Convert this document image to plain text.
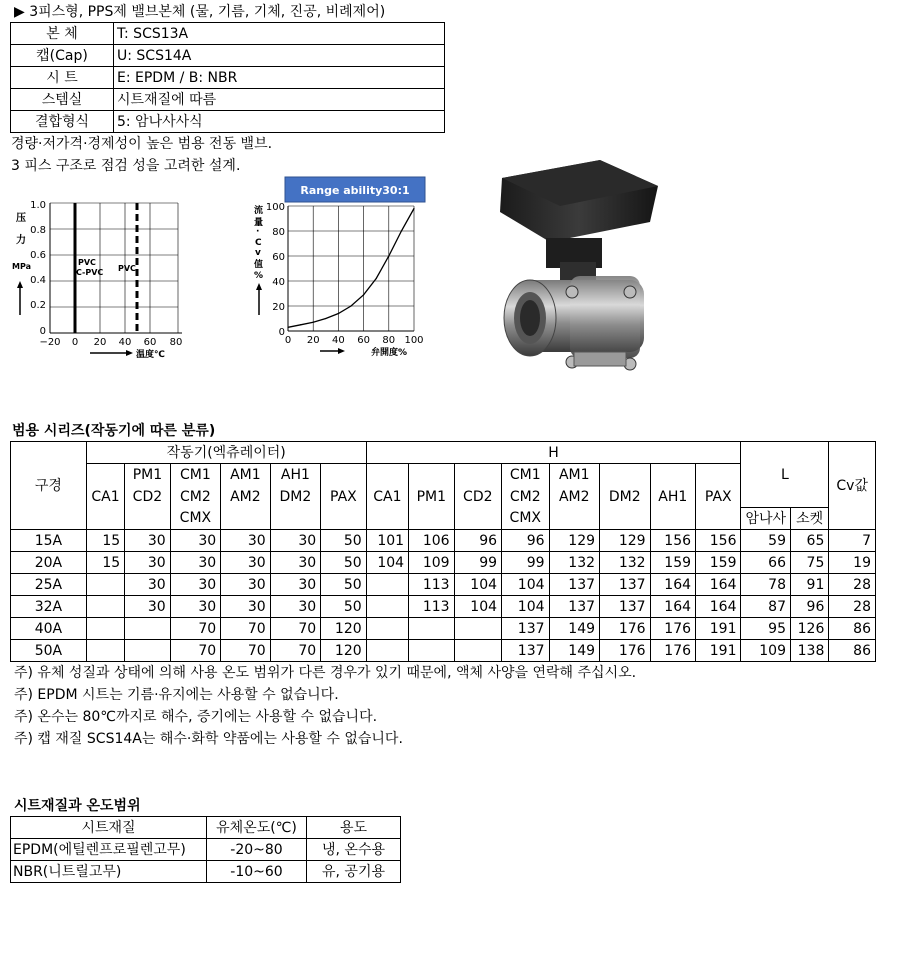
▶ 3피스형, PPS제 밸브본체 (물, 기름, 기체, 진공, 비례제어)
본 체	T: SCS13A
캡(Cap)	U: SCS14A
시 트	E: EPDM / B: NBR
스템실	시트재질에 따름
결합형식	5: 암나사사식
경량·저가격·경제성이 높은 범용 전동 밸브.
3 피스 구조로 점검 성을 고려한 설계.
压
力
MPa
1.0
0.8
0.6
0.4
0.2
0
PVC
C-PVC PVC
−20 0 20 40 60 80
温度℃
Range ability30:1
流
量
·
C
v
值
%
100
80
60
40
20
0
0 20 40 60 80 100
弁開度%
범용 시리즈(작동기에 따른 분류)
구경	작동기(엑츄레이터)						H								L		Cv값
		PM1	CM1	AM1	AH1					CM1	AM1						
	CA1	CD2	CM2	AM2	DM2	PAX	CA1	PM1	CD2	CM2	AM2	DM2	AH1	PAX			
			CMX							CMX					암나사	소켓	
15A	15	30	30	30	30	50	101	106	96	96	129	129	156	156	59	65	7
20A	15	30	30	30	30	50	104	109	99	99	132	132	159	159	66	75	19
25A		30	30	30	30	50		113	104	104	137	137	164	164	78	91	28
32A		30	30	30	30	50		113	104	104	137	137	164	164	87	96	28
40A			70	70	70	120				137	149	176	176	191	95	126	86
50A			70	70	70	120				137	149	176	176	191	109	138	86
주) 유체 성질과 상태에 의해 사용 온도 범위가 다른 경우가 있기 때문에, 액체 사양을 연락해 주십시오.
주) EPDM 시트는 기름·유지에는 사용할 수 없습니다.
주) 온수는 80℃까지로 해수, 증기에는 사용할 수 없습니다.
주) 캡 재질 SCS14A는 해수·화학 약품에는 사용할 수 없습니다.
시트재질과 온도범위
시트재질	유체온도(℃)	용도
EPDM(에틸렌프로필렌고무)	-20~80	냉, 온수용
NBR(니트릴고무)	-10~60	유, 공기용
